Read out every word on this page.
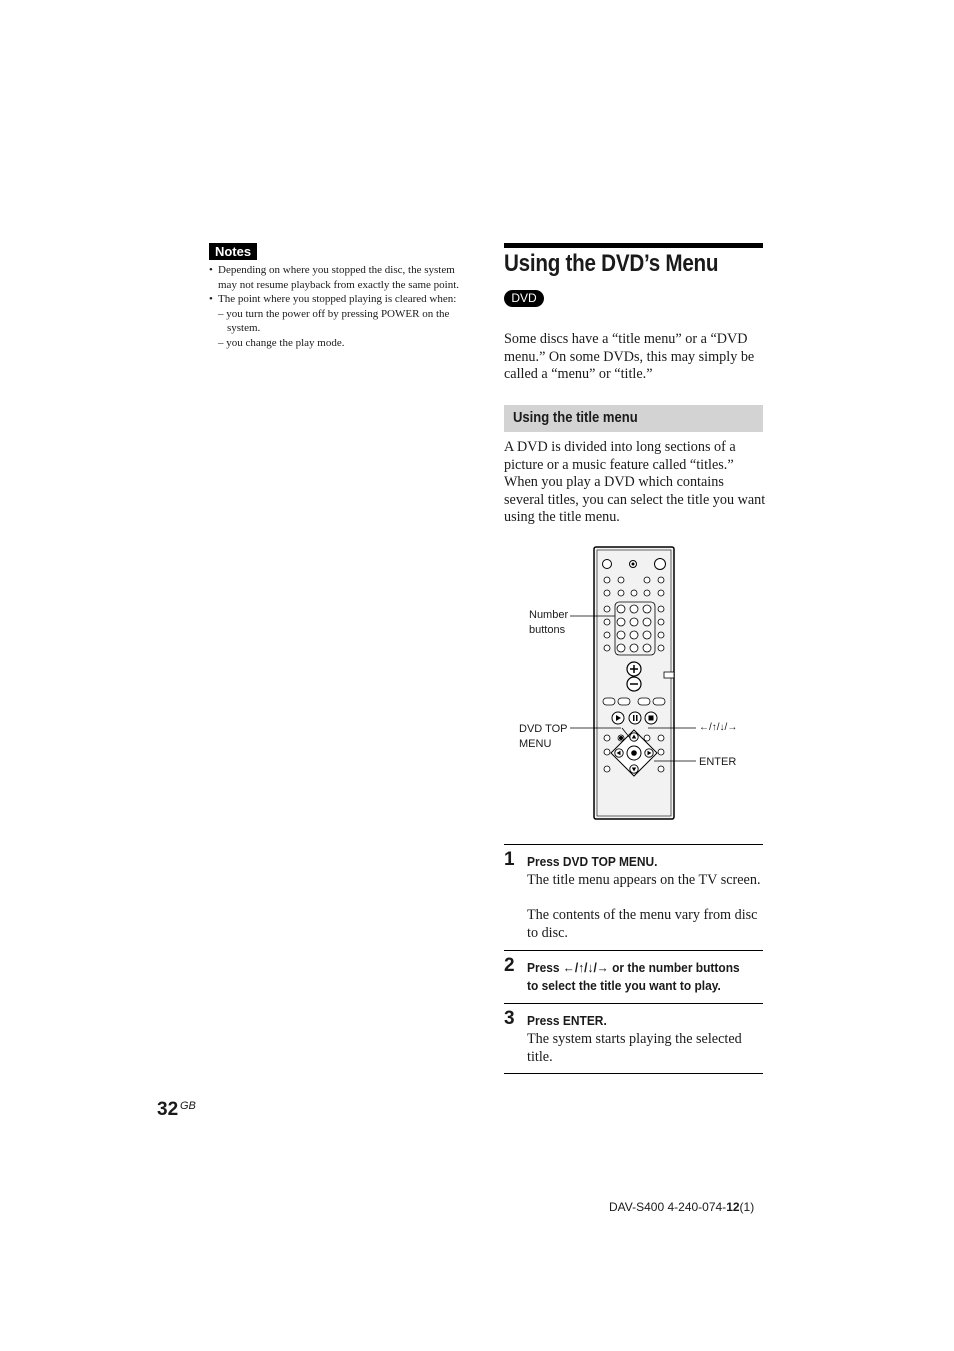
Notes
• Depending on where you stopped the disc, the system may not resume playback from exactly the same point.
• The point where you stopped playing is cleared when:
– you turn the power off by pressing POWER on the system.
– you change the play mode.
Using the DVD’s Menu
DVD
Some discs have a “title menu” or a “DVD menu.” On some DVDs, this may simply be called a “menu” or “title.”
Using the title menu
A DVD is divided into long sections of a picture or a music feature called “titles.” When you play a DVD which contains several titles, you can select the title you want using the title menu.
Number
buttons
DVD TOP
MENU
←/↑/↓/→
ENTER
1 Press DVD TOP MENU.
The title menu appears on the TV screen.
The contents of the menu vary from disc to disc.
2 Press ←/↑/↓/→ or the number buttons to select the title you want to play.
3 Press ENTER.
The system starts playing the selected title.
32 GB
DAV-S400 4-240-074-12(1)
